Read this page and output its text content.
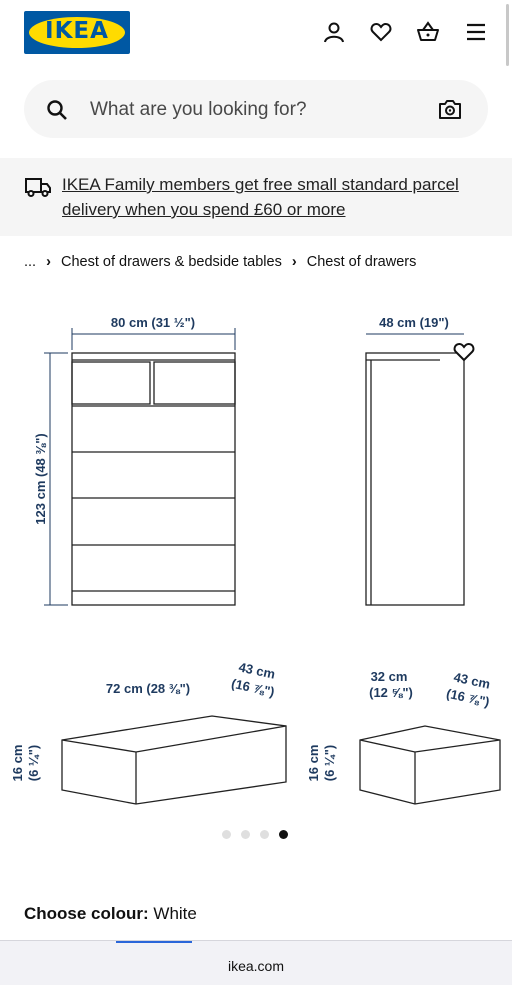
IKEA
What are you looking for?
IKEA Family members get free small standard parcel delivery when you spend £60 or more
... › Chest of drawers & bedside tables › Chest of drawers
80 cm (31 ½")	48 cm (19")
123 cm (48 ⅜")
72 cm (28 ⅜")
43 cm
(16 ⅞")
16 cm (6 ¼")
32 cm
(12 ⅝")
43 cm
(16 ⅞")
16 cm (6 ¼")
Choose colour: White
ikea.com
